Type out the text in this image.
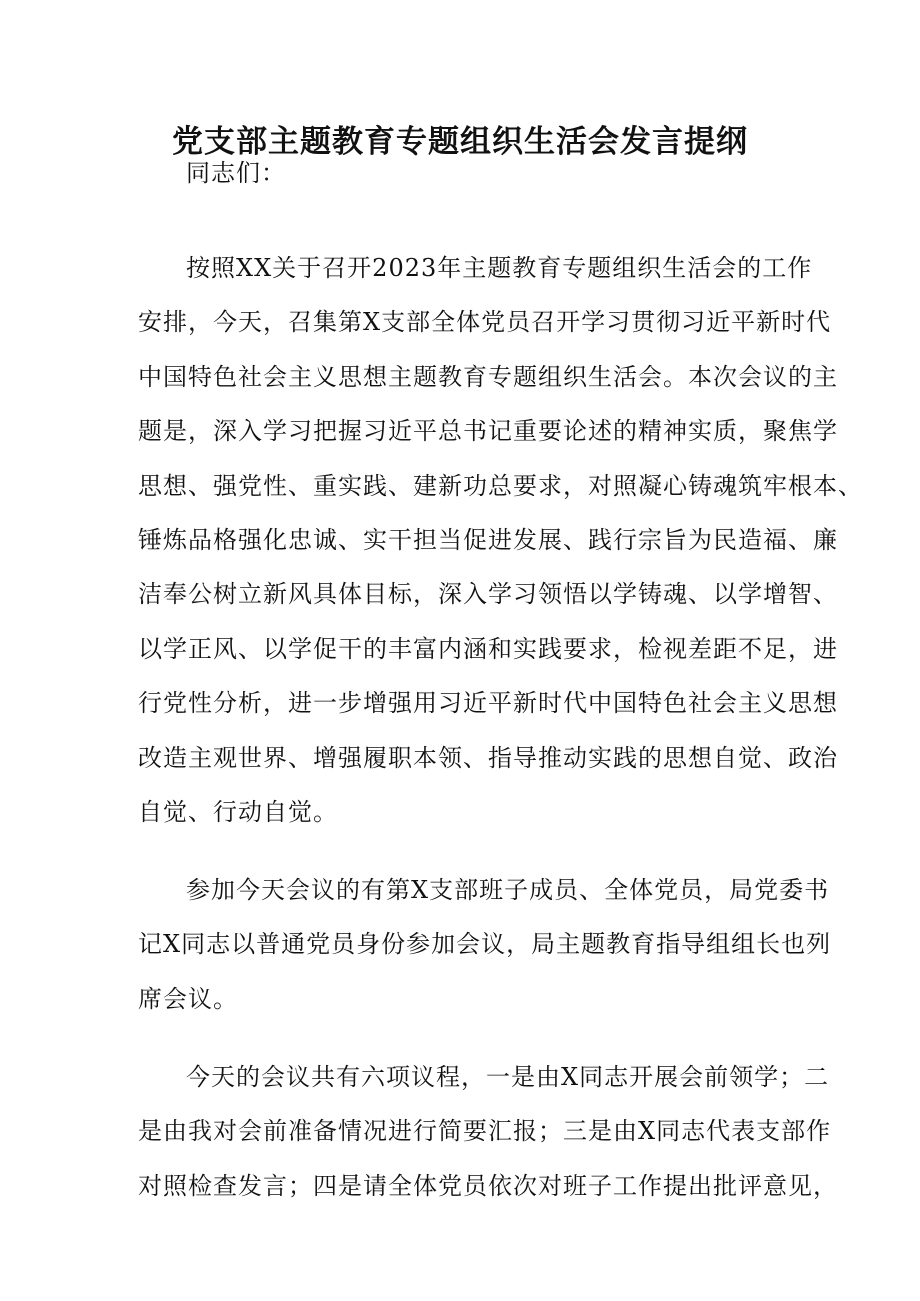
党支部主题教育专题组织生活会发言提纲

同志们：

按照XX关于召开2023年主题教育专题组织生活会的工作
安排，今天，召集第X支部全体党员召开学习贯彻习近平新时代
中国特色社会主义思想主题教育专题组织生活会。本次会议的主
题是，深入学习把握习近平总书记重要论述的精神实质，聚焦学
思想、强党性、重实践、建新功总要求，对照凝心铸魂筑牢根本、
锤炼品格强化忠诚、实干担当促进发展、践行宗旨为民造福、廉
洁奉公树立新风具体目标，深入学习领悟以学铸魂、以学增智、
以学正风、以学促干的丰富内涵和实践要求，检视差距不足，进
行党性分析，进一步增强用习近平新时代中国特色社会主义思想
改造主观世界、增强履职本领、指导推动实践的思想自觉、政治
自觉、行动自觉。

参加今天会议的有第X支部班子成员、全体党员，局党委书
记X同志以普通党员身份参加会议，局主题教育指导组组长也列
席会议。

今天的会议共有六项议程，一是由X同志开展会前领学；二
是由我对会前准备情况进行简要汇报；三是由X同志代表支部作
对照检查发言；四是请全体党员依次对班子工作提出批评意见，
